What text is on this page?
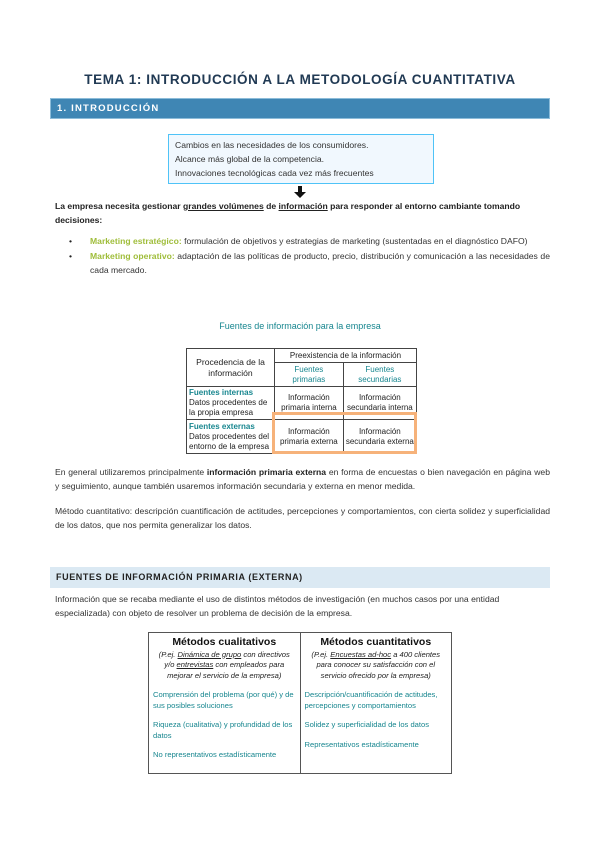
TEMA 1: INTRODUCCIÓN A LA METODOLOGÍA CUANTITATIVA
1. INTRODUCCIÓN
Cambios en las necesidades de los consumidores.
Alcance más global de la competencia.
Innovaciones tecnológicas cada vez más frecuentes
La empresa necesita gestionar grandes volúmenes de información para responder al entorno cambiante tomando decisiones:
• Marketing estratégico: formulación de objetivos y estrategias de marketing (sustentadas en el diagnóstico DAFO)
• Marketing operativo: adaptación de las políticas de producto, precio, distribución y comunicación a las necesidades de cada mercado.
Fuentes de información para la empresa
Procedencia de la información	Preexistencia de la información	
	Fuentes primarias	Fuentes secundarias

Fuentes internas
Datos procedentes de la propia empresa	Información primaria interna	Información secundaria interna

Fuentes externas
Datos procedentes del entorno de la empresa	Información primaria externa	Información secundaria externa
En general utilizaremos principalmente información primaria externa en forma de encuestas o bien navegación en página web y seguimiento, aunque también usaremos información secundaria y externa en menor medida.
Método cuantitativo: descripción cuantificación de actitudes, percepciones y comportamientos, con cierta solidez y superficialidad de los datos, que nos permita generalizar los datos.
FUENTES DE INFORMACIÓN PRIMARIA (EXTERNA)
Información que se recaba mediante el uso de distintos métodos de investigación (en muchos casos por una entidad especializada) con objeto de resolver un problema de decisión de la empresa.
Métodos cualitativos
(P.ej. Dinámica de grupo con directivos y/o entrevistas con empleados para mejorar el servicio de la empresa)
Comprensión del problema (por qué) y de sus posibles soluciones
Riqueza (cualitativa) y profundidad de los datos
No representativos estadísticamente
Métodos cuantitativos
(P.ej. Encuestas ad-hoc a 400 clientes para conocer su satisfacción con el servicio ofrecido por la empresa)
Descripción/cuantificación de actitudes, percepciones y comportamientos
Solidez y superficialidad de los datos
Representativos estadísticamente
